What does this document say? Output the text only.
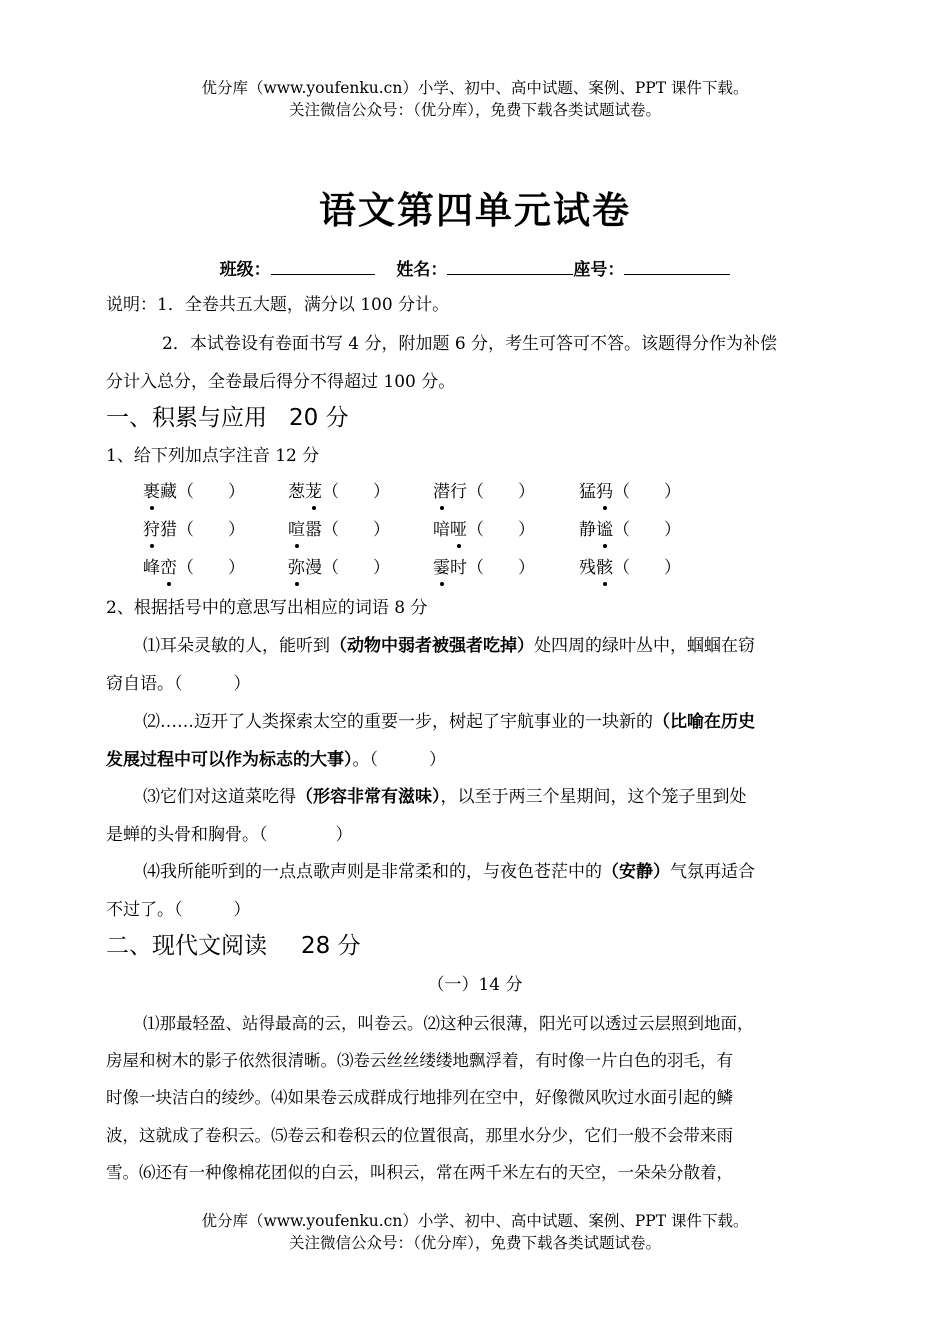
优分库（www.youfenku.cn）小学、初中、高中试题、案例、PPT 课件下载。
关注微信公众号：（优分库），免费下载各类试题试卷。
语文第四单元试卷
班级：	姓名：	座号：
说明：1．全卷共五大题，满分以 100 分计。
2．本试卷设有卷面书写 4 分，附加题 6 分，考生可答可不答。该题得分作为补偿
分计入总分，全卷最后得分不得超过 100 分。
一、积累与应用 20 分
1、给下列加点字注音 12 分
裹藏（　　）	葱茏（　　）	潜行（　　）	猛犸（　　）
狩猎（　　）	喧嚣（　　）	喑哑（　　）	静谧（　　）
峰峦（　　）	弥漫（　　）	霎时（　　）	残骸（　　）
2、根据括号中的意思写出相应的词语 8 分
⑴耳朵灵敏的人，能听到（动物中弱者被强者吃掉）处四周的绿叶丛中，蝈蝈在窃
窃自语。（　　　）
⑵……迈开了人类探索太空的重要一步，树起了宇航事业的一块新的（比喻在历史
发展过程中可以作为标志的大事）。（　　　）
⑶它们对这道菜吃得（形容非常有滋味），以至于两三个星期间，这个笼子里到处
是蝉的头骨和胸骨。（　　　　）
⑷我所能听到的一点点歌声则是非常柔和的，与夜色苍茫中的（安静）气氛再适合
不过了。（　　　）
二、现代文阅读 28 分
（一）14 分
⑴那最轻盈、站得最高的云，叫卷云。⑵这种云很薄，阳光可以透过云层照到地面，
房屋和树木的影子依然很清晰。⑶卷云丝丝缕缕地飘浮着，有时像一片白色的羽毛，有
时像一块洁白的绫纱。⑷如果卷云成群成行地排列在空中，好像微风吹过水面引起的鳞
波，这就成了卷积云。⑸卷云和卷积云的位置很高，那里水分少，它们一般不会带来雨
雪。⑹还有一种像棉花团似的白云，叫积云，常在两千米左右的天空，一朵朵分散着，
优分库（www.youfenku.cn）小学、初中、高中试题、案例、PPT 课件下载。
关注微信公众号：（优分库），免费下载各类试题试卷。
